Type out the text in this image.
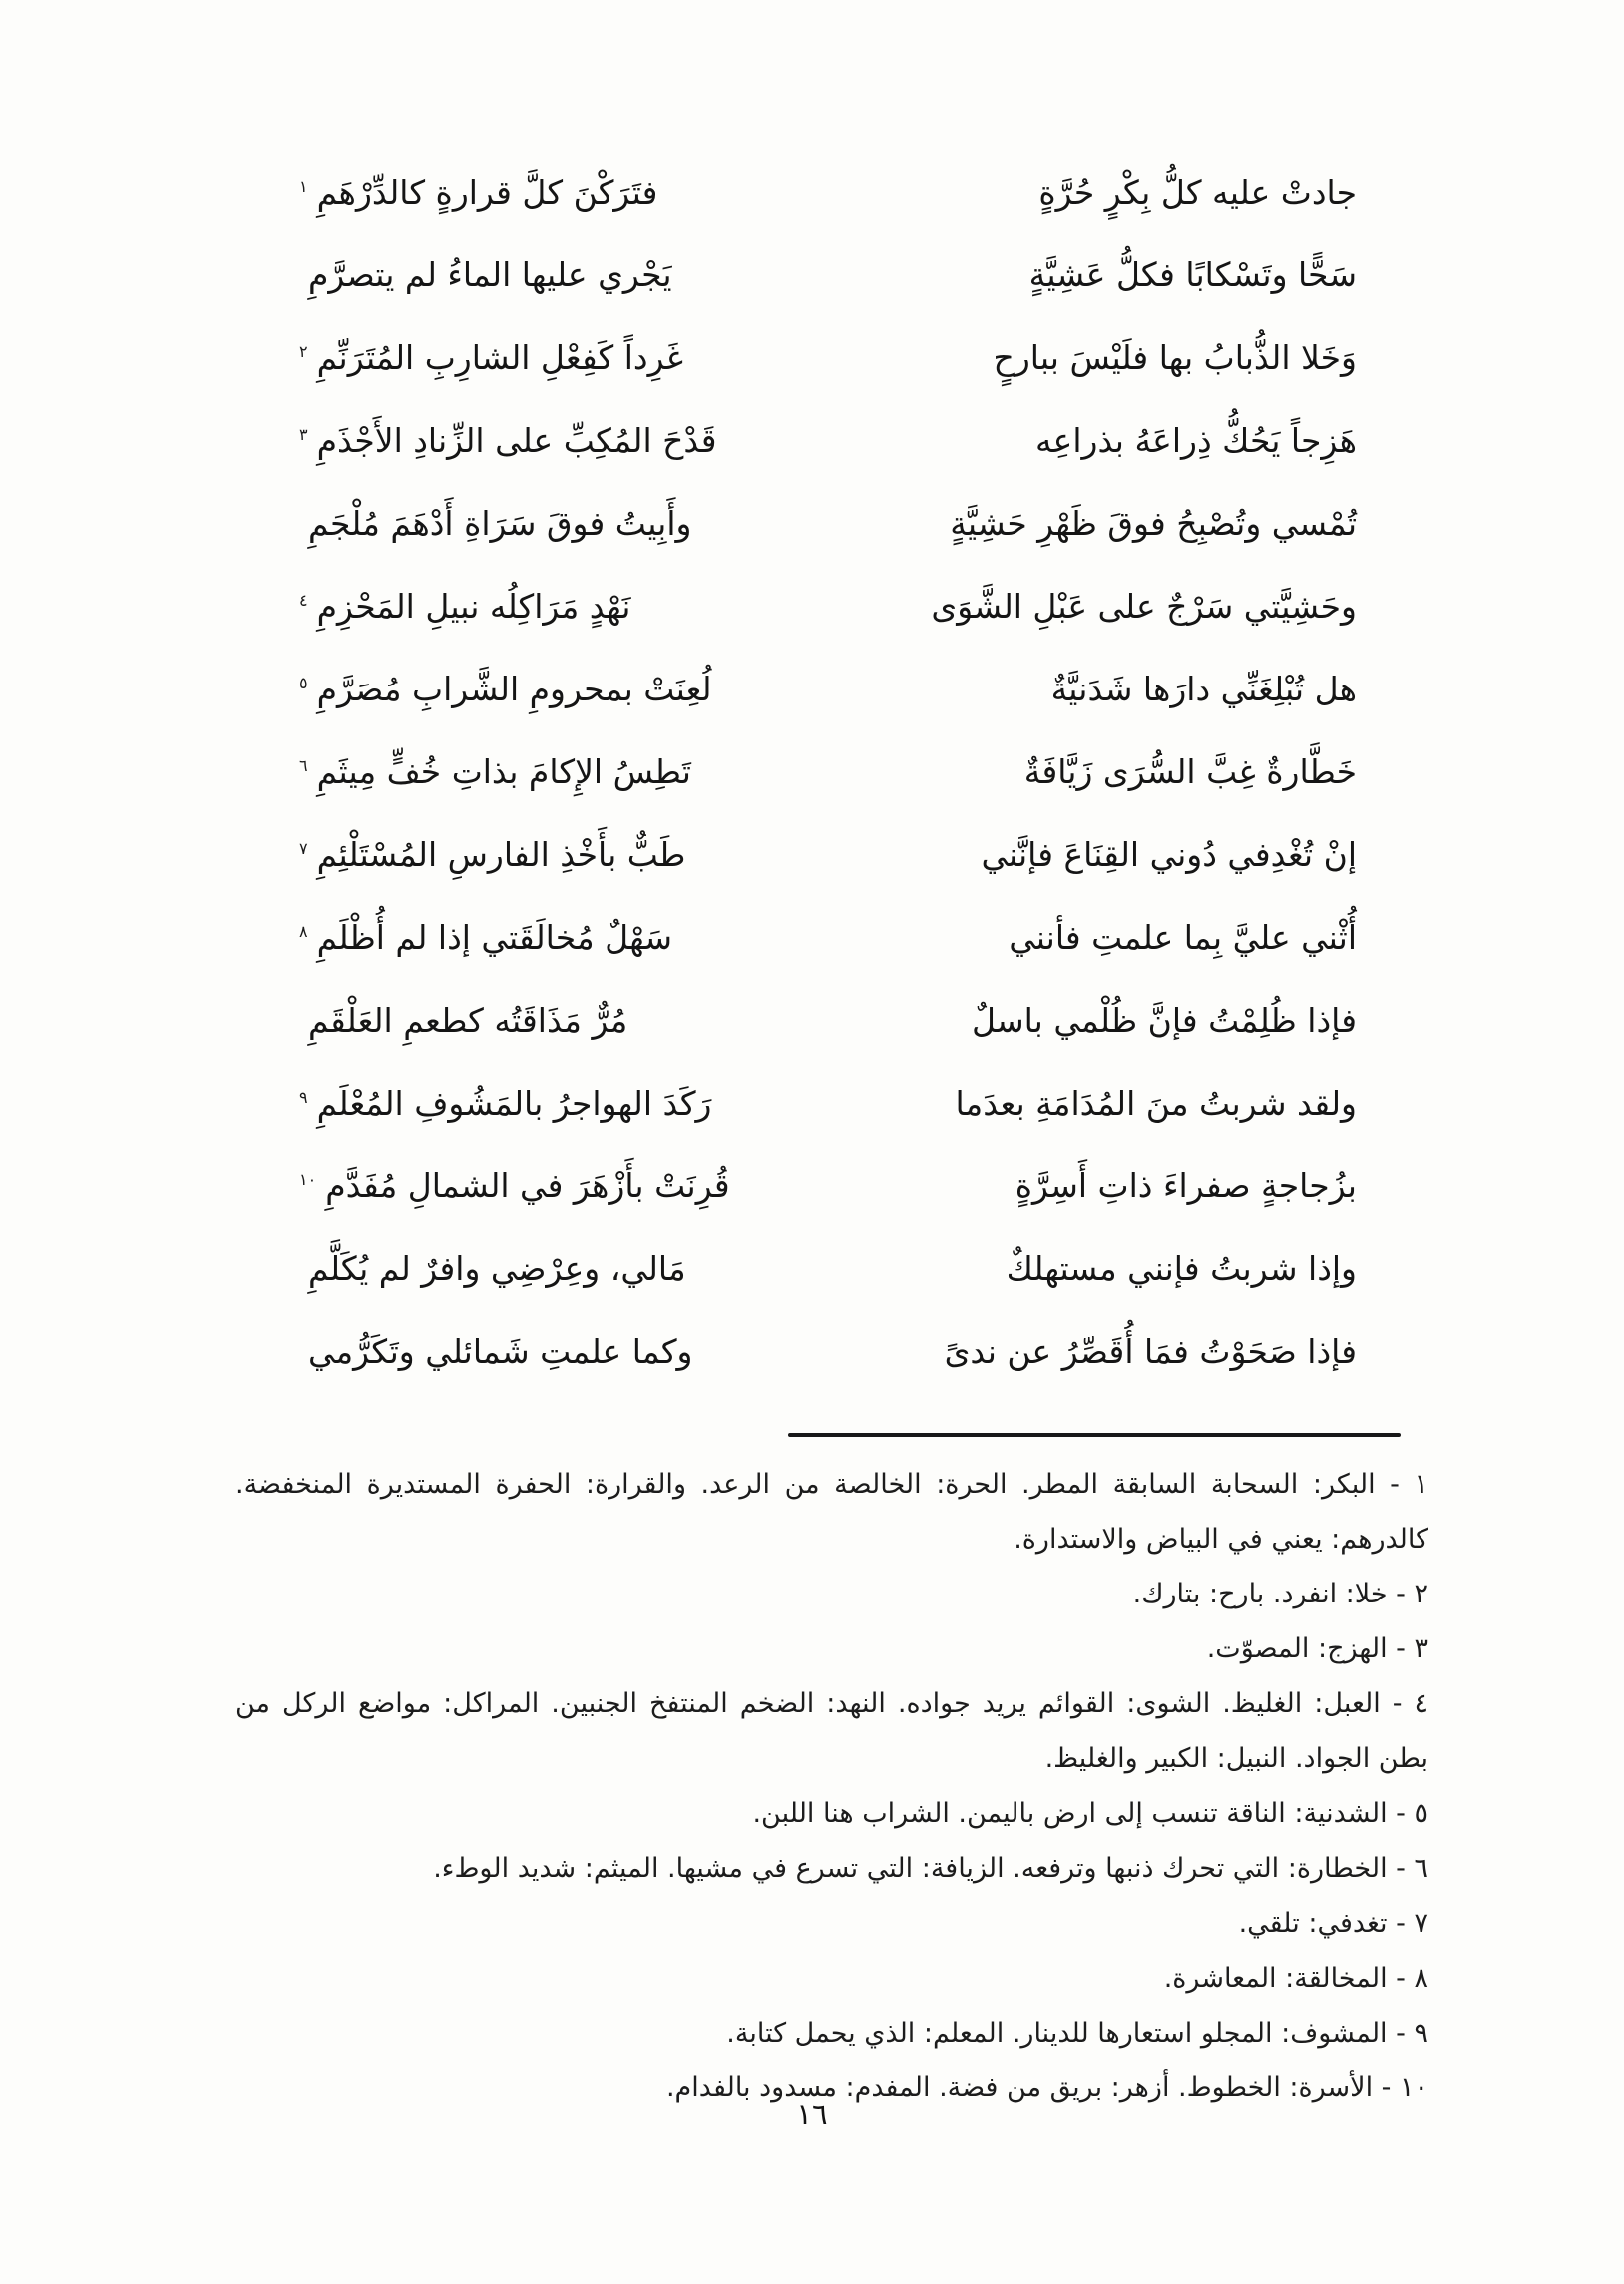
جادتْ عليه كلُّ بِكْرٍ حُرَّةٍ
فتَرَكْنَ كلَّ قرارةٍ كالدِّرْهَمِ$^١$
سَحًّا وتَسْكابًا فكلُّ عَشِيَّةٍ
يَجْري عليها الماءُ لم يتصرَّمِ
وَخَلا الذُّبابُ بها فلَيْسَ ببارحٍ
غَرِداً كَفِعْلِ الشارِبِ المُتَرَنِّمِ$^٢$
هَزِجاً يَحُكُّ ذِراعَهُ بذراعِه
قَدْحَ المُكِبِّ على الزِّنادِ الأَجْذَمِ$^٣$
تُمْسي وتُصْبِحُ فوقَ ظَهْرِ حَشِيَّةٍ
وأَبِيتُ فوقَ سَرَاةِ أَدْهَمَ مُلْجَمِ
وحَشِيَّتي سَرْجٌ على عَبْلِ الشَّوَى
نَهْدٍ مَرَاكِلُه نبيلِ المَحْزِمِ$^٤$
هل تُبْلِغَنِّي دارَها شَدَنيَّةٌ
لُعِنَتْ بمحرومِ الشَّرابِ مُصَرَّمِ$^٥$
خَطَّارةٌ غِبَّ السُّرَى زَيَّافَةٌ
تَطِسُ الإِكامَ بذاتِ خُفٍّ مِيثَمِ$^٦$
إنْ تُغْدِفي دُوني القِنَاعَ فإنَّني
طَبٌّ بأَخْذِ الفارسِ المُسْتَلْئِمِ$^٧$
أُثْني عليَّ بِما علمتِ فأنني
سَهْلٌ مُخالَقَتي إذا لم أُظْلَمِ$^٨$
فإذا ظُلِمْتُ فإنَّ ظُلْمي باسلٌ
مُرٌّ مَذَاقَتُه كطعمِ العَلْقَمِ
ولقد شربتُ منَ المُدَامَةِ بعدَما
رَكَدَ الهواجرُ بالمَشُوفِ المُعْلَمِ$^٩$
بزُجاجةٍ صفراءَ ذاتِ أَسِرَّةٍ
قُرِنَتْ بأَزْهَرَ في الشمالِ مُفَدَّمِ$^{١٠}$
وإذا شربتُ فإنني مستهلكٌ
مَالي، وعِرْضِي وافرٌ لم يُكَلَّمِ
فإذا صَحَوْتُ فمَا أُقَصِّرُ عن ندىً
وكما علمتِ شَمائلي وتَكَرُّمي

١ - البكر: السحابة السابقة المطر. الحرة: الخالصة من الرعد. والقرارة: الحفرة المستديرة المنخفضة. كالدرهم: يعني في البياض والاستدارة.

٢ - خلا: انفرد. بارح: بتارك.

٣ - الهزج: المصوّت.

٤ - العبل: الغليظ. الشوى: القوائم يريد جواده. النهد: الضخم المنتفخ الجنبين. المراكل: مواضع الركل من بطن الجواد. النبيل: الكبير والغليظ.

٥ - الشدنية: الناقة تنسب إلى ارض باليمن. الشراب هنا اللبن.

٦ - الخطارة: التي تحرك ذنبها وترفعه. الزيافة: التي تسرع في مشيها. الميثم: شديد الوطء.

٧ - تغدفي: تلقي.

٨ - المخالقة: المعاشرة.

٩ - المشوف: المجلو استعارها للدينار. المعلم: الذي يحمل كتابة.

١٠ - الأسرة: الخطوط. أزهر: بريق من فضة. المفدم: مسدود بالفدام.

١٦
